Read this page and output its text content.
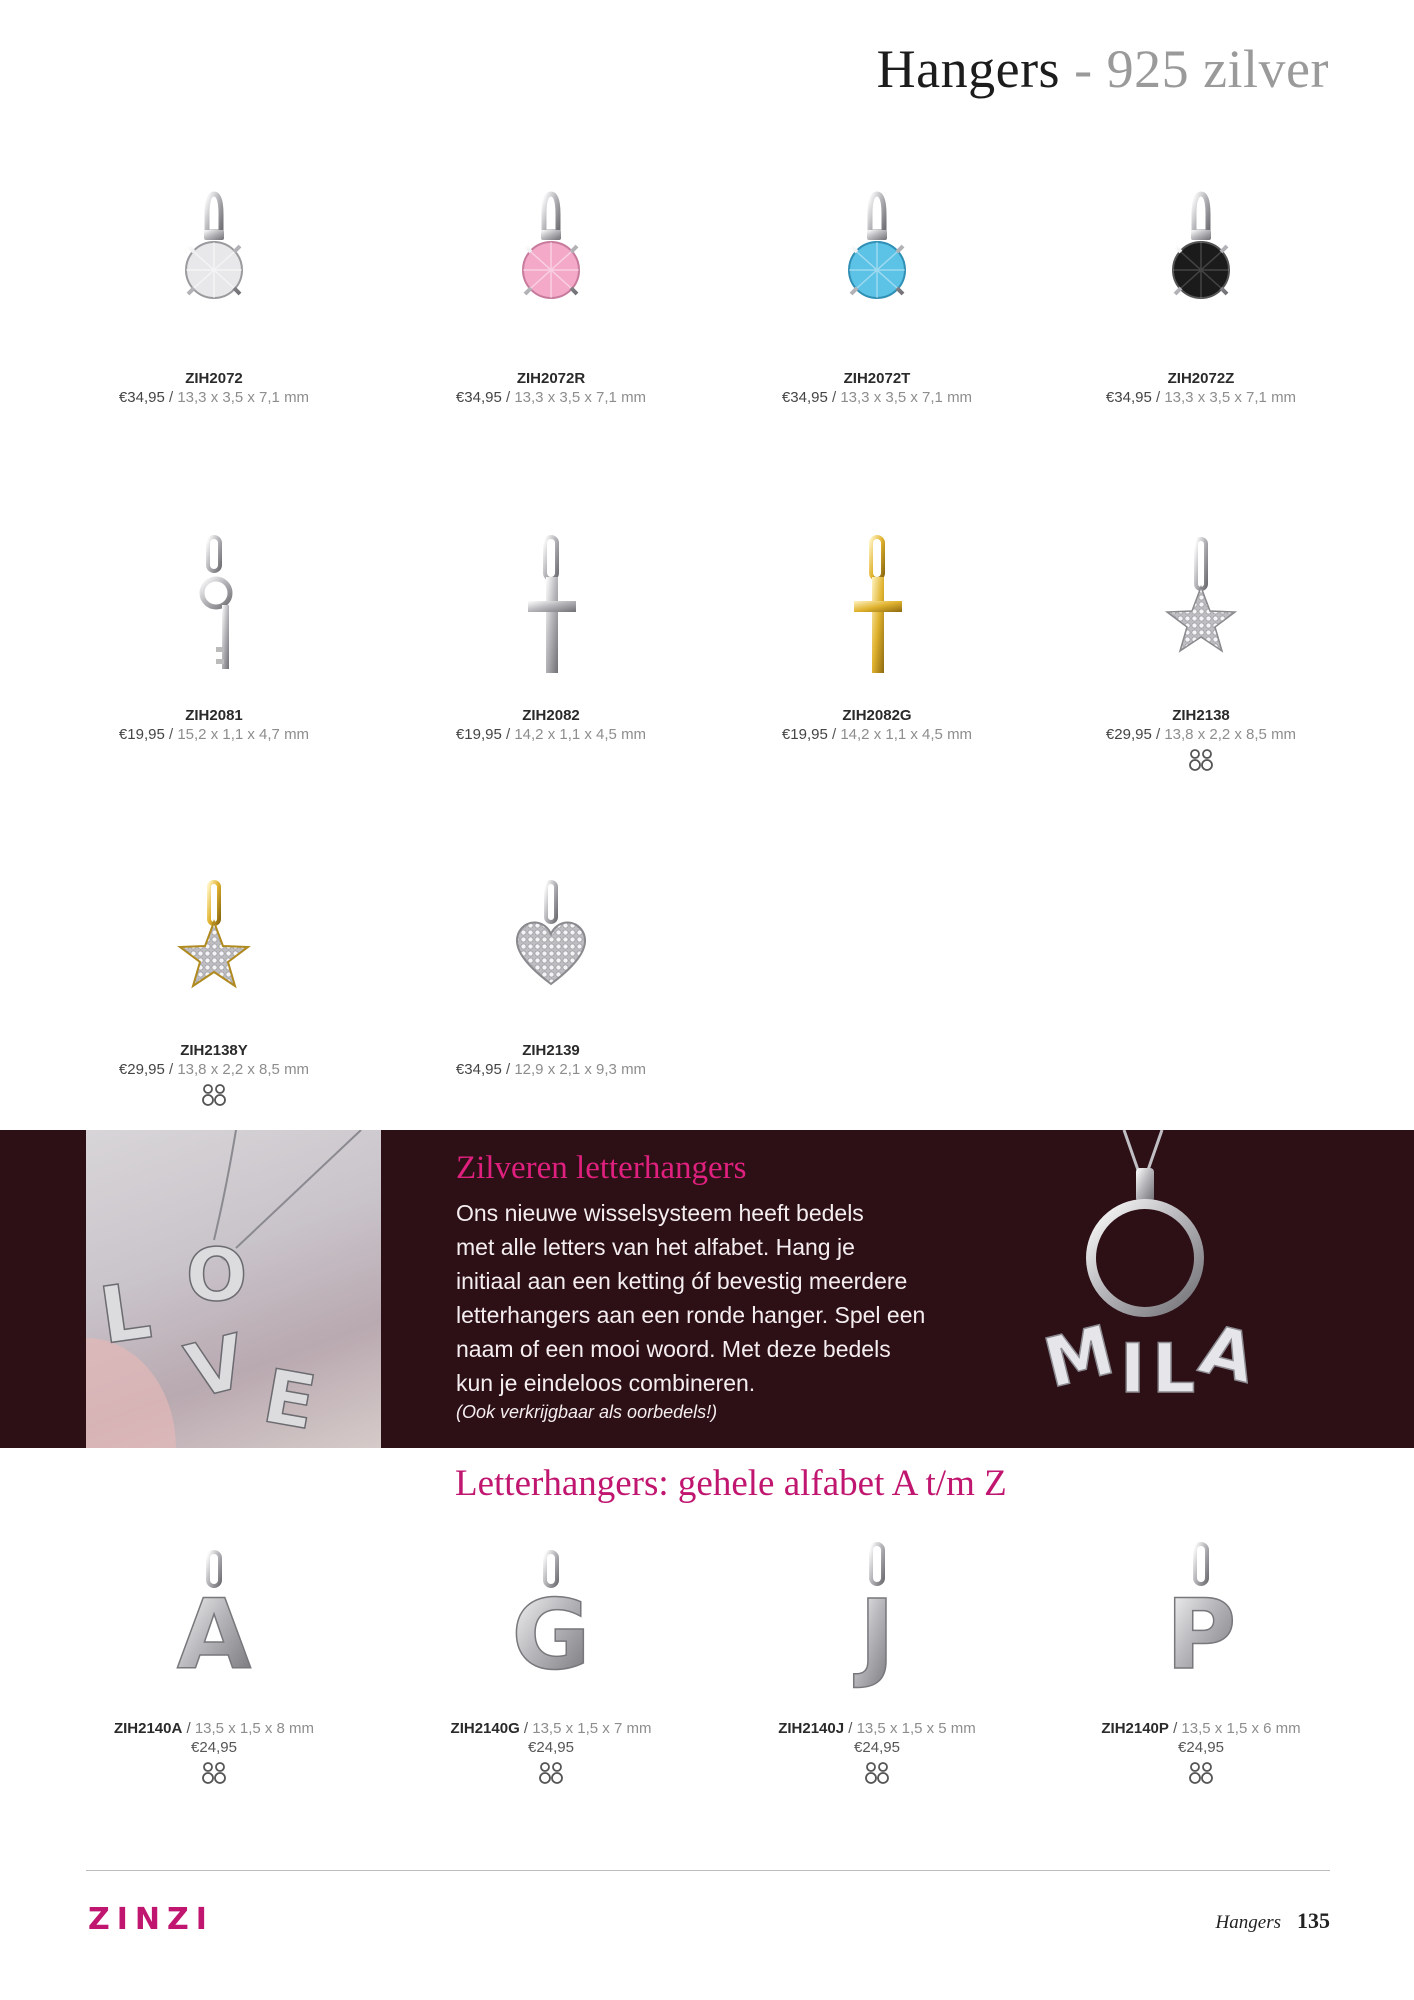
Hangers - 925 zilver
ZIH2072
€34,95 / 13,3 x 3,5 x 7,1 mm
ZIH2072R
€34,95 / 13,3 x 3,5 x 7,1 mm
ZIH2072T
€34,95 / 13,3 x 3,5 x 7,1 mm
ZIH2072Z
€34,95 / 13,3 x 3,5 x 7,1 mm
ZIH2081
€19,95 / 15,2 x 1,1 x 4,7 mm
ZIH2082
€19,95 / 14,2 x 1,1 x 4,5 mm
ZIH2082G
€19,95 / 14,2 x 1,1 x 4,5 mm
ZIH2138
€29,95 / 13,8 x 2,2 x 8,5 mm
ZIH2138Y
€29,95 / 13,8 x 2,2 x 8,5 mm
ZIH2139
€34,95 / 12,9 x 2,1 x 9,3 mm
L O
V E
Zilveren letterhangers
Ons nieuwe wisselsysteem heeft bedels
met alle letters van het alfabet. Hang je
initiaal aan een ketting óf bevestig meerdere
letterhangers aan een ronde hanger. Spel een
naam of een mooi woord. Met deze bedels
kun je eindeloos combineren.
(Ook verkrijgbaar als oorbedels!)
M
I L
A
Letterhangers: gehele alfabet A t/m Z
A
ZIH2140A / 13,5 x 1,5 x 8 mm
€24,95
G
ZIH2140G / 13,5 x 1,5 x 7 mm
€24,95
J
ZIH2140J / 13,5 x 1,5 x 5 mm
€24,95
P
ZIH2140P / 13,5 x 1,5 x 6 mm
€24,95
ZINZI	Hangers 135
